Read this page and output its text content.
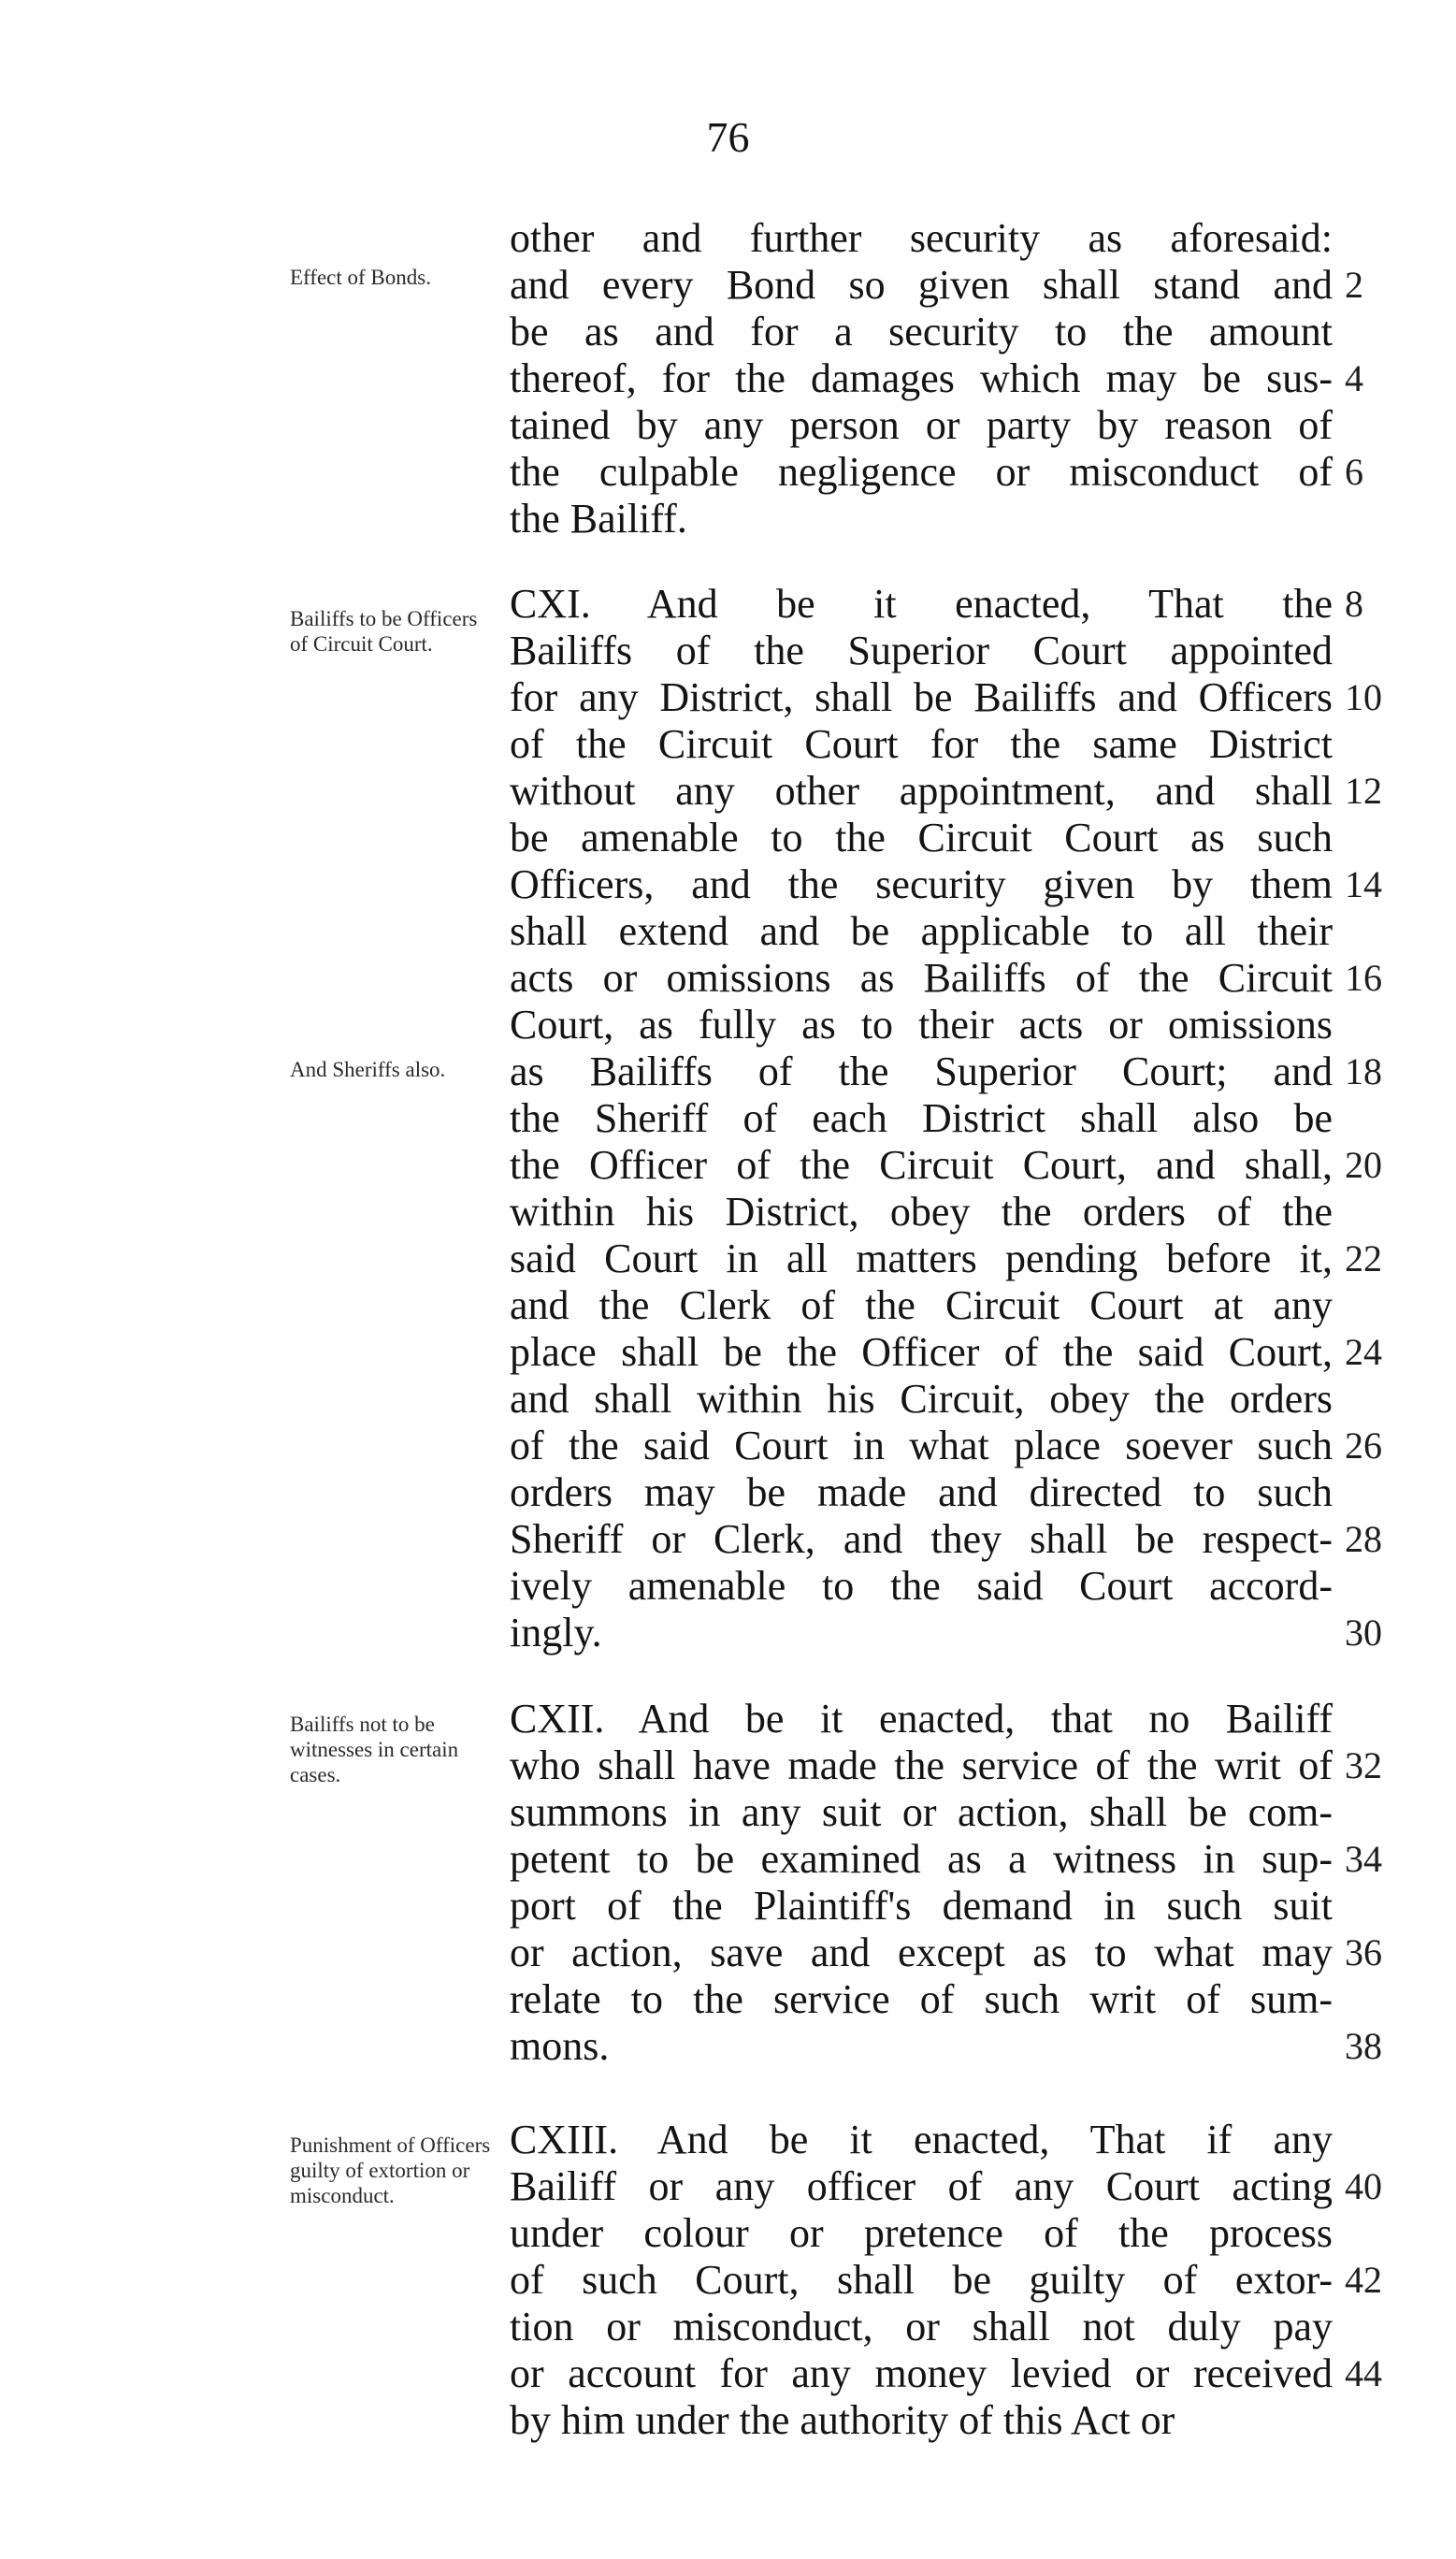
76
Effect of Bonds.
Bailiffs to be Officers of Circuit Court.
And Sheriffs also.
Bailiffs not to be witnesses in certain cases.
Punishment of Officers guilty of extortion or misconduct.
other and further security as aforesaid:
and every Bond so given shall stand and
be as and for a security to the amount
thereof, for the damages which may be sus-
tained by any person or party by reason of
the culpable negligence or misconduct of
the Bailiff.
CXI. And be it enacted, That the
Bailiffs of the Superior Court appointed
for any District, shall be Bailiffs and Officers
of the Circuit Court for the same District
without any other appointment, and shall
be amenable to the Circuit Court as such
Officers, and the security given by them
shall extend and be applicable to all their
acts or omissions as Bailiffs of the Circuit
Court, as fully as to their acts or omissions
as Bailiffs of the Superior Court; and
the Sheriff of each District shall also be
the Officer of the Circuit Court, and shall,
within his District, obey the orders of the
said Court in all matters pending before it,
and the Clerk of the Circuit Court at any
place shall be the Officer of the said Court,
and shall within his Circuit, obey the orders
of the said Court in what place soever such
orders may be made and directed to such
Sheriff or Clerk, and they shall be respect-
ively amenable to the said Court accord-
ingly.
CXII. And be it enacted, that no Bailiff
who shall have made the service of the writ of
summons in any suit or action, shall be com-
petent to be examined as a witness in sup-
port of the Plaintiff's demand in such suit
or action, save and except as to what may
relate to the service of such writ of sum-
mons.
CXIII. And be it enacted, That if any
Bailiff or any officer of any Court acting
under colour or pretence of the process
of such Court, shall be guilty of extor-
tion or misconduct, or shall not duly pay
or account for any money levied or received
by him under the authority of this Act or
2
4
6
8
10
12
14
16
18
20
22
24
26
28
30
32
34
36
38
40
42
44
